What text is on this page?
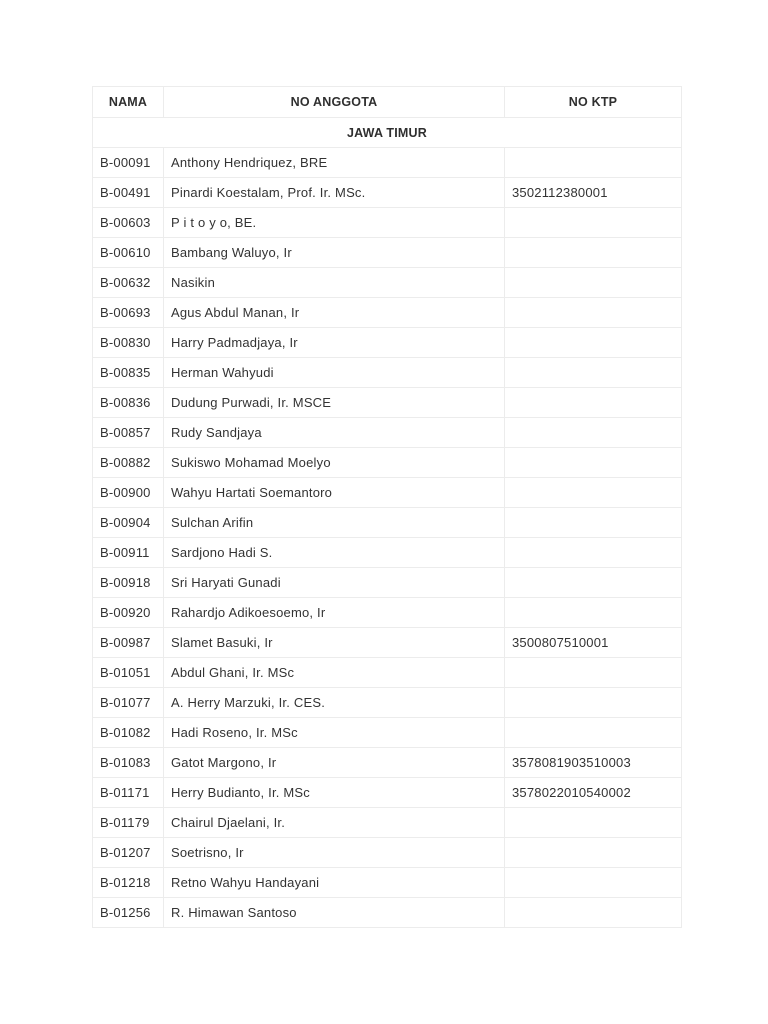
NAMA	NO ANGGOTA	NO KTP
JAWA TIMUR		
B-00091	Anthony Hendriquez, BRE	
B-00491	Pinardi Koestalam, Prof. Ir. MSc.	3502112380001
B-00603	P i t o y o, BE.	
B-00610	Bambang Waluyo, Ir	
B-00632	Nasikin	
B-00693	Agus Abdul Manan, Ir	
B-00830	Harry Padmadjaya, Ir	
B-00835	Herman Wahyudi	
B-00836	Dudung Purwadi, Ir. MSCE	
B-00857	Rudy Sandjaya	
B-00882	Sukiswo Mohamad Moelyo	
B-00900	Wahyu Hartati Soemantoro	
B-00904	Sulchan Arifin	
B-00911	Sardjono Hadi S.	
B-00918	Sri Haryati Gunadi	
B-00920	Rahardjo Adikoesoemo, Ir	
B-00987	Slamet Basuki, Ir	3500807510001
B-01051	Abdul Ghani, Ir. MSc	
B-01077	A. Herry Marzuki, Ir. CES.	
B-01082	Hadi Roseno, Ir. MSc	
B-01083	Gatot Margono, Ir	3578081903510003
B-01171	Herry Budianto, Ir. MSc	3578022010540002
B-01179	Chairul Djaelani, Ir.	
B-01207	Soetrisno, Ir	
B-01218	Retno Wahyu Handayani	
B-01256	R. Himawan Santoso	
